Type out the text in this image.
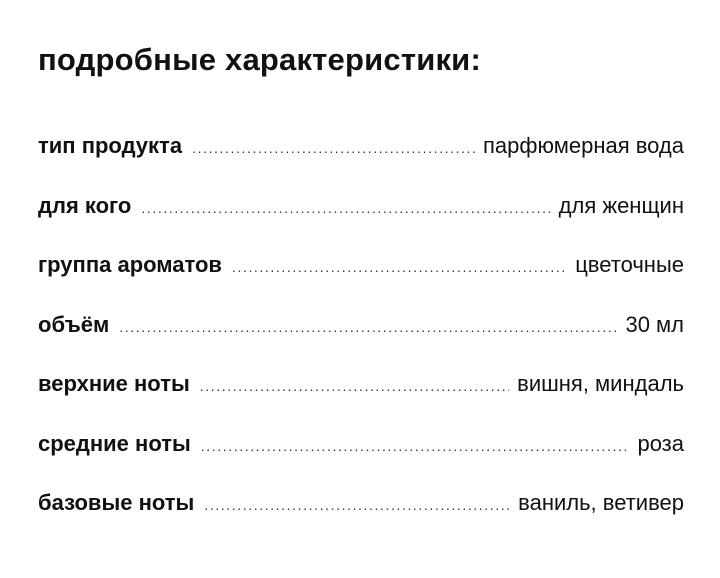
подробные характеристики:
тип продукта .....	парфюмерная вода
для кого .....	для женщин
группа ароматов .....	цветочные
объём .....	30 мл
верхние ноты .....	вишня, миндаль
средние ноты .....	роза
базовые ноты .....	ваниль, ветивер
